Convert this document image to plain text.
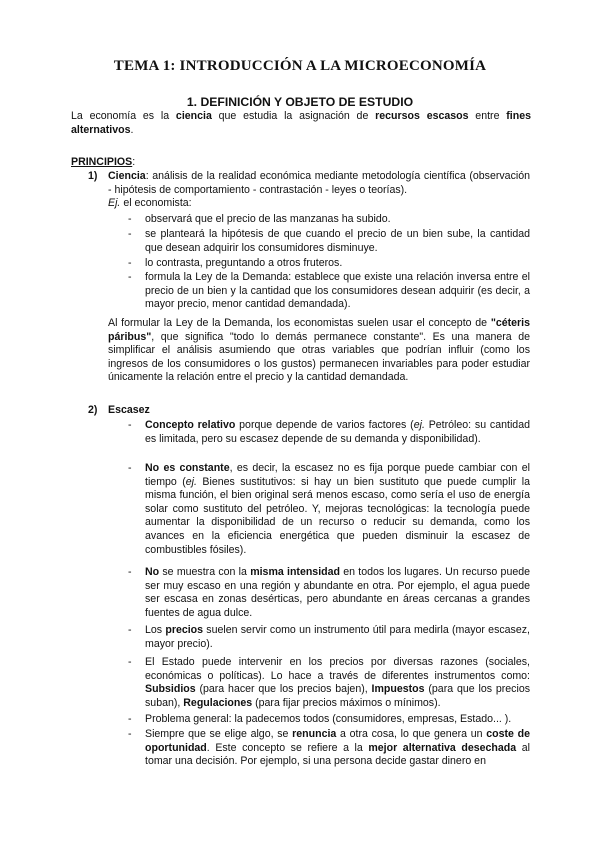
TEMA 1: INTRODUCCIÓN A LA MICROECONOMÍA
1. DEFINICIÓN Y OBJETO DE ESTUDIO
La economía es la ciencia que estudia la asignación de recursos escasos entre fines alternativos.
PRINCIPIOS:
1) Ciencia: análisis de la realidad económica mediante metodología científica (observación - hipótesis de comportamiento - contrastación - leyes o teorías).
Ej. el economista:
- observará que el precio de las manzanas ha subido.
- se planteará la hipótesis de que cuando el precio de un bien sube, la cantidad que desean adquirir los consumidores disminuye.
- lo contrasta, preguntando a otros fruteros.
- formula la Ley de la Demanda: establece que existe una relación inversa entre el precio de un bien y la cantidad que los consumidores desean adquirir (es decir, a mayor precio, menor cantidad demandada).
Al formular la Ley de la Demanda, los economistas suelen usar el concepto de "céteris páribus", que significa "todo lo demás permanece constante". Es una manera de simplificar el análisis asumiendo que otras variables que podrían influir (como los ingresos de los consumidores o los gustos) permanecen invariables para poder estudiar únicamente la relación entre el precio y la cantidad demandada.
2) Escasez
- Concepto relativo porque depende de varios factores (ej. Petróleo: su cantidad es limitada, pero su escasez depende de su demanda y disponibilidad).
- No es constante, es decir, la escasez no es fija porque puede cambiar con el tiempo (ej. Bienes sustitutivos: si hay un bien sustituto que puede cumplir la misma función, el bien original será menos escaso, como sería el uso de energía solar como sustituto del petróleo. Y, mejoras tecnológicas: la tecnología puede aumentar la disponibilidad de un recurso o reducir su demanda, como los avances en la eficiencia energética que pueden disminuir la escasez de combustibles fósiles).
- No se muestra con la misma intensidad en todos los lugares. Un recurso puede ser muy escaso en una región y abundante en otra. Por ejemplo, el agua puede ser escasa en zonas desérticas, pero abundante en áreas cercanas a grandes fuentes de agua dulce.
- Los precios suelen servir como un instrumento útil para medirla (mayor escasez, mayor precio).
- El Estado puede intervenir en los precios por diversas razones (sociales, económicas o políticas). Lo hace a través de diferentes instrumentos como: Subsidios (para hacer que los precios bajen), Impuestos (para que los precios suban), Regulaciones (para fijar precios máximos o mínimos).
- Problema general: la padecemos todos (consumidores, empresas, Estado... ).
- Siempre que se elige algo, se renuncia a otra cosa, lo que genera un coste de oportunidad. Este concepto se refiere a la mejor alternativa desechada al tomar una decisión. Por ejemplo, si una persona decide gastar dinero en
